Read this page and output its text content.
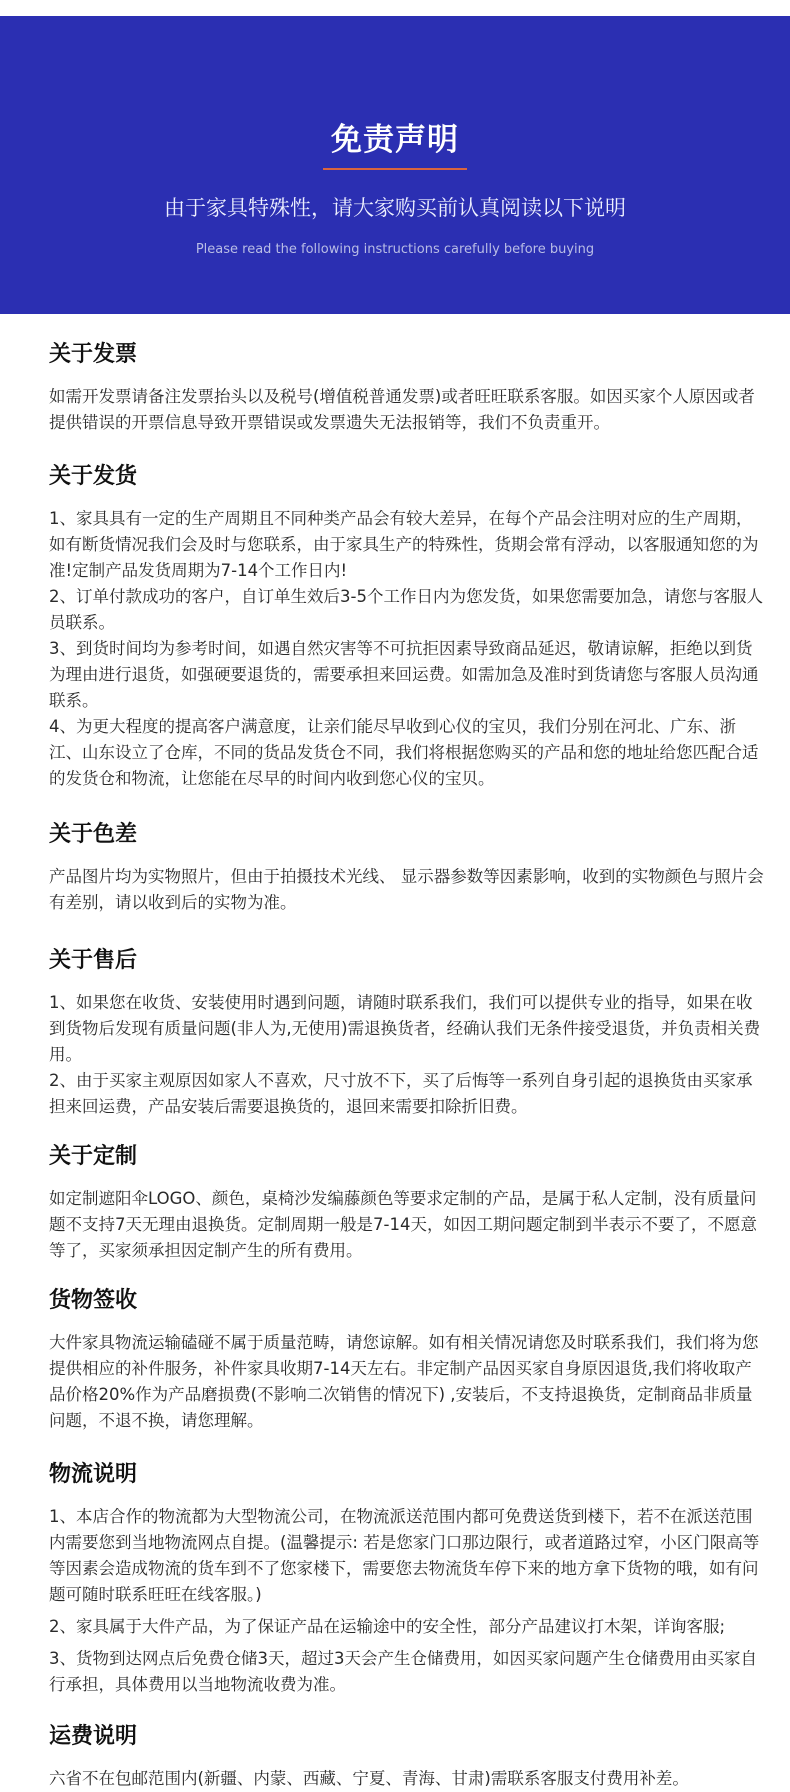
免责声明
由于家具特殊性，请大家购买前认真阅读以下说明
Please read the following instructions carefully before buying
关于发票

如需开发票请备注发票抬头以及税号(增值税普通发票)或者旺旺联系客服。如因买家个人原因或者提供错误的开票信息导致开票错误或发票遗失无法报销等，我们不负责重开。

关于发货

1、家具具有一定的生产周期且不同种类产品会有较大差异，在每个产品会注明对应的生产周期，如有断货情况我们会及时与您联系，由于家具生产的特殊性，货期会常有浮动，以客服通知您的为准!定制产品发货周期为7-14个工作日内!

2、订单付款成功的客户，自订单生效后3-5个工作日内为您发货，如果您需要加急，请您与客服人员联系。

3、到货时间均为参考时间，如遇自然灾害等不可抗拒因素导致商品延迟，敬请谅解，拒绝以到货为理由进行退货，如强硬要退货的，需要承担来回运费。如需加急及准时到货请您与客服人员沟通联系。

4、为更大程度的提高客户满意度，让亲们能尽早收到心仪的宝贝，我们分别在河北、广东、浙江、山东设立了仓库，不同的货品发货仓不同，我们将根据您购买的产品和您的地址给您匹配合适的发货仓和物流，让您能在尽早的时间内收到您心仪的宝贝。

关于色差

产品图片均为实物照片，但由于拍摄技术光线、 显示器参数等因素影响，收到的实物颜色与照片会有差别，请以收到后的实物为准。

关于售后

1、如果您在收货、安装使用时遇到问题，请随时联系我们，我们可以提供专业的指导，如果在收到货物后发现有质量问题(非人为,无使用)需退换货者，经确认我们无条件接受退货，并负责相关费用。

2、由于买家主观原因如家人不喜欢，尺寸放不下，买了后悔等一系列自身引起的退换货由买家承担来回运费，产品安装后需要退换货的，退回来需要扣除折旧费。

关于定制

如定制遮阳伞LOGO、颜色，桌椅沙发编藤颜色等要求定制的产品，是属于私人定制，没有质量问题不支持7天无理由退换货。定制周期一般是7-14天，如因工期问题定制到半表示不要了，不愿意等了，买家须承担因定制产生的所有费用。

货物签收

大件家具物流运输磕碰不属于质量范畴，请您谅解。如有相关情况请您及时联系我们，我们将为您提供相应的补件服务，补件家具收期7-14天左右。非定制产品因买家自身原因退货,我们将收取产品价格20%作为产品磨损费(不影响二次销售的情况下) ,安装后，不支持退换货，定制商品非质量问题，不退不换，请您理解。

物流说明

1、本店合作的物流都为大型物流公司，在物流派送范围内都可免费送货到楼下，若不在派送范围内需要您到当地物流网点自提。(温馨提示: 若是您家门口那边限行，或者道路过窄，小区门限高等等因素会造成物流的货车到不了您家楼下，需要您去物流货车停下来的地方拿下货物的哦，如有问题可随时联系旺旺在线客服。)

2、家具属于大件产品，为了保证产品在运输途中的安全性，部分产品建议打木架，详询客服;

3、货物到达网点后免费仓储3天，超过3天会产生仓储费用，如因买家问题产生仓储费用由买家自行承担，具体费用以当地物流收费为准。

运费说明

六省不在包邮范围内(新疆、内蒙、西藏、宁夏、青海、甘肃)需联系客服支付费用补差。
